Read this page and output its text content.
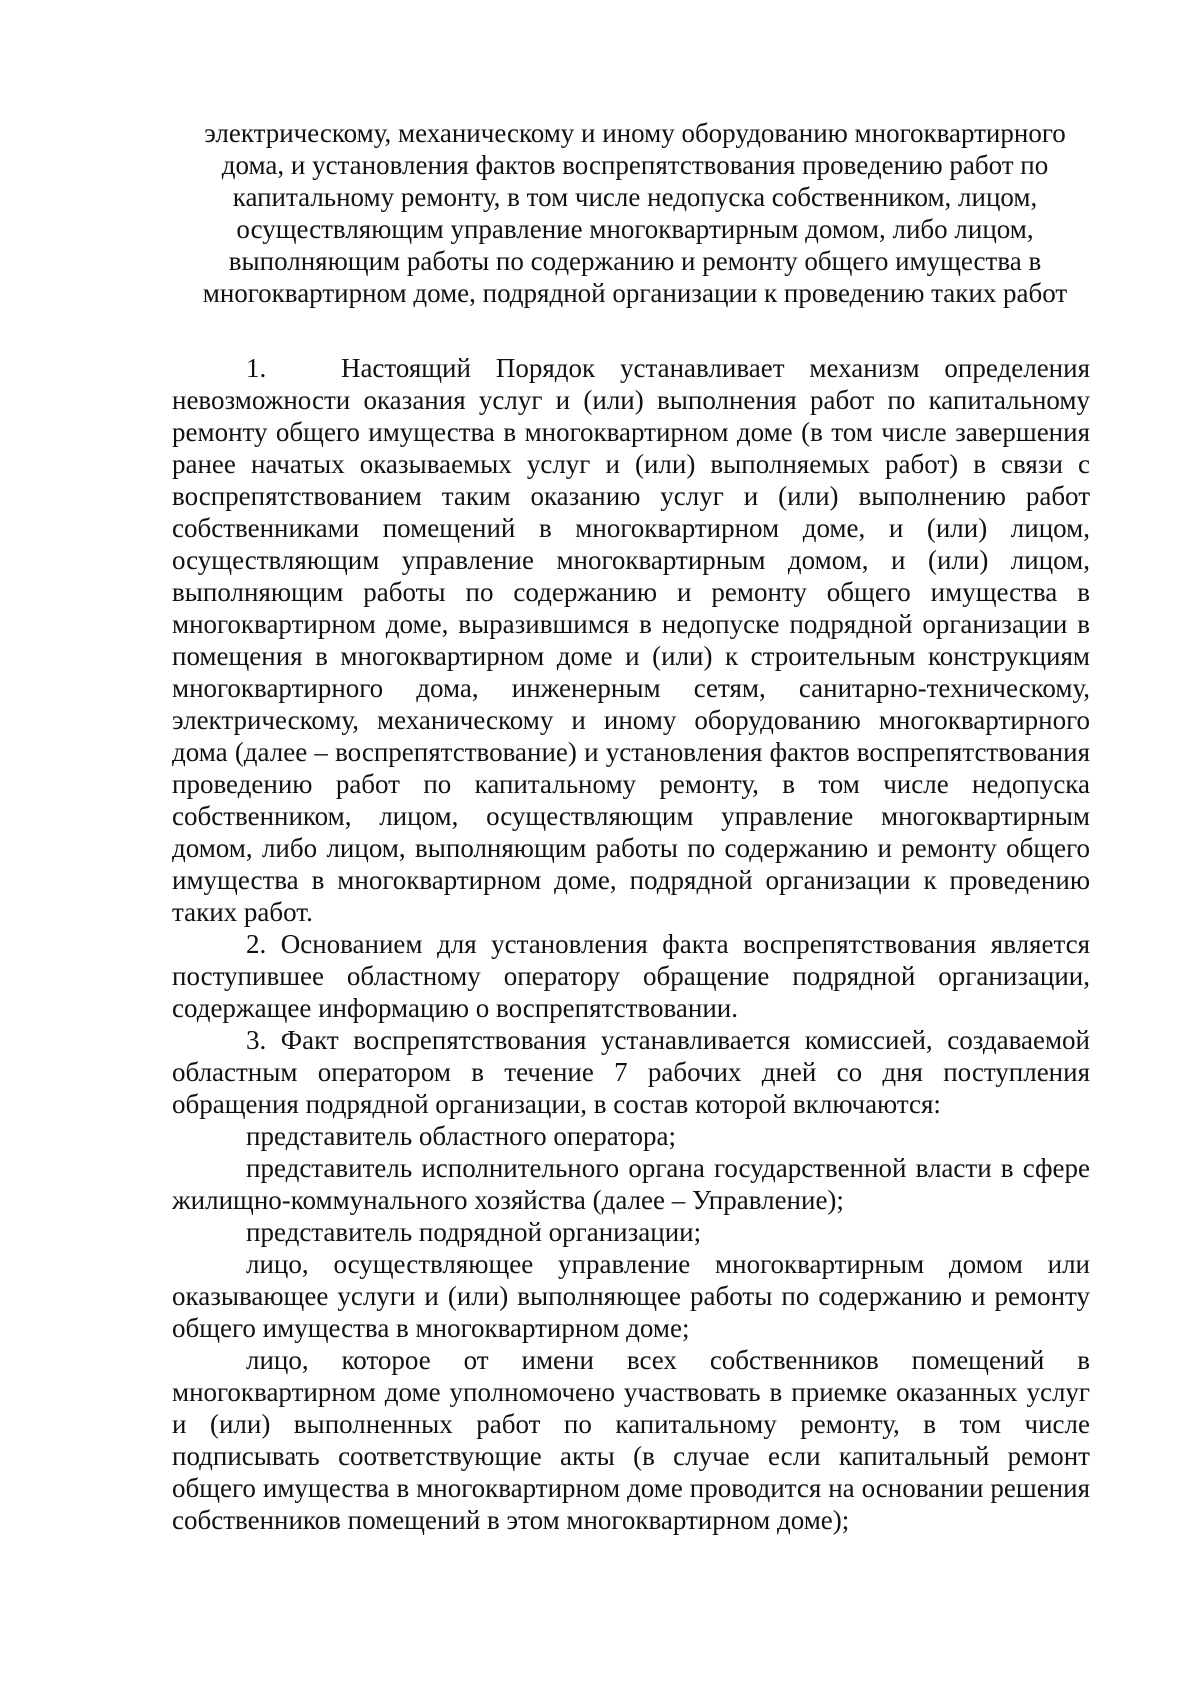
электрическому, механическому и иному оборудованию многоквартирного
дома, и установления фактов воспрепятствования проведению работ по
капитальному ремонту, в том числе недопуска собственником, лицом,
осуществляющим управление многоквартирным домом, либо лицом,
выполняющим работы по содержанию и ремонту общего имущества в
многоквартирном доме, подрядной организации к проведению таких работ

1.   Настоящий Порядок устанавливает механизм определения невозможности оказания услуг и (или) выполнения работ по капитальному ремонту общего имущества в многоквартирном доме (в том числе завершения ранее начатых оказываемых услуг и (или) выполняемых работ) в связи с воспрепятствованием таким оказанию услуг и (или) выполнению работ собственниками помещений в многоквартирном доме, и (или) лицом, осуществляющим управление многоквартирным домом, и (или) лицом, выполняющим работы по содержанию и ремонту общего имущества в многоквартирном доме, выразившимся в недопуске подрядной организации в помещения в многоквартирном доме и (или) к строительным конструкциям многоквартирного дома, инженерным сетям, санитарно-техническому, электрическому, механическому и иному оборудованию многоквартирного дома (далее – воспрепятствование) и установления фактов воспрепятствования проведению работ по капитальному ремонту, в том числе недопуска собственником, лицом, осуществляющим управление многоквартирным домом, либо лицом, выполняющим работы по содержанию и ремонту общего имущества в многоквартирном доме, подрядной организации к проведению таких работ.

2. Основанием для установления факта воспрепятствования является поступившее областному оператору обращение подрядной организации, содержащее информацию о воспрепятствовании.

3. Факт воспрепятствования устанавливается комиссией, создаваемой областным оператором в течение 7 рабочих дней со дня поступления обращения подрядной организации, в состав которой включаются:

представитель областного оператора;

представитель исполнительного органа государственной власти в сфере жилищно-коммунального хозяйства (далее – Управление);

представитель подрядной организации;

лицо, осуществляющее управление многоквартирным домом или оказывающее услуги и (или) выполняющее работы по содержанию и ремонту общего имущества в многоквартирном доме;

лицо, которое от имени всех собственников помещений в многоквартирном доме уполномочено участвовать в приемке оказанных услуг и (или) выполненных работ по капитальному ремонту, в том числе подписывать соответствующие акты (в случае если капитальный ремонт общего имущества в многоквартирном доме проводится на основании решения собственников помещений в этом многоквартирном доме);
